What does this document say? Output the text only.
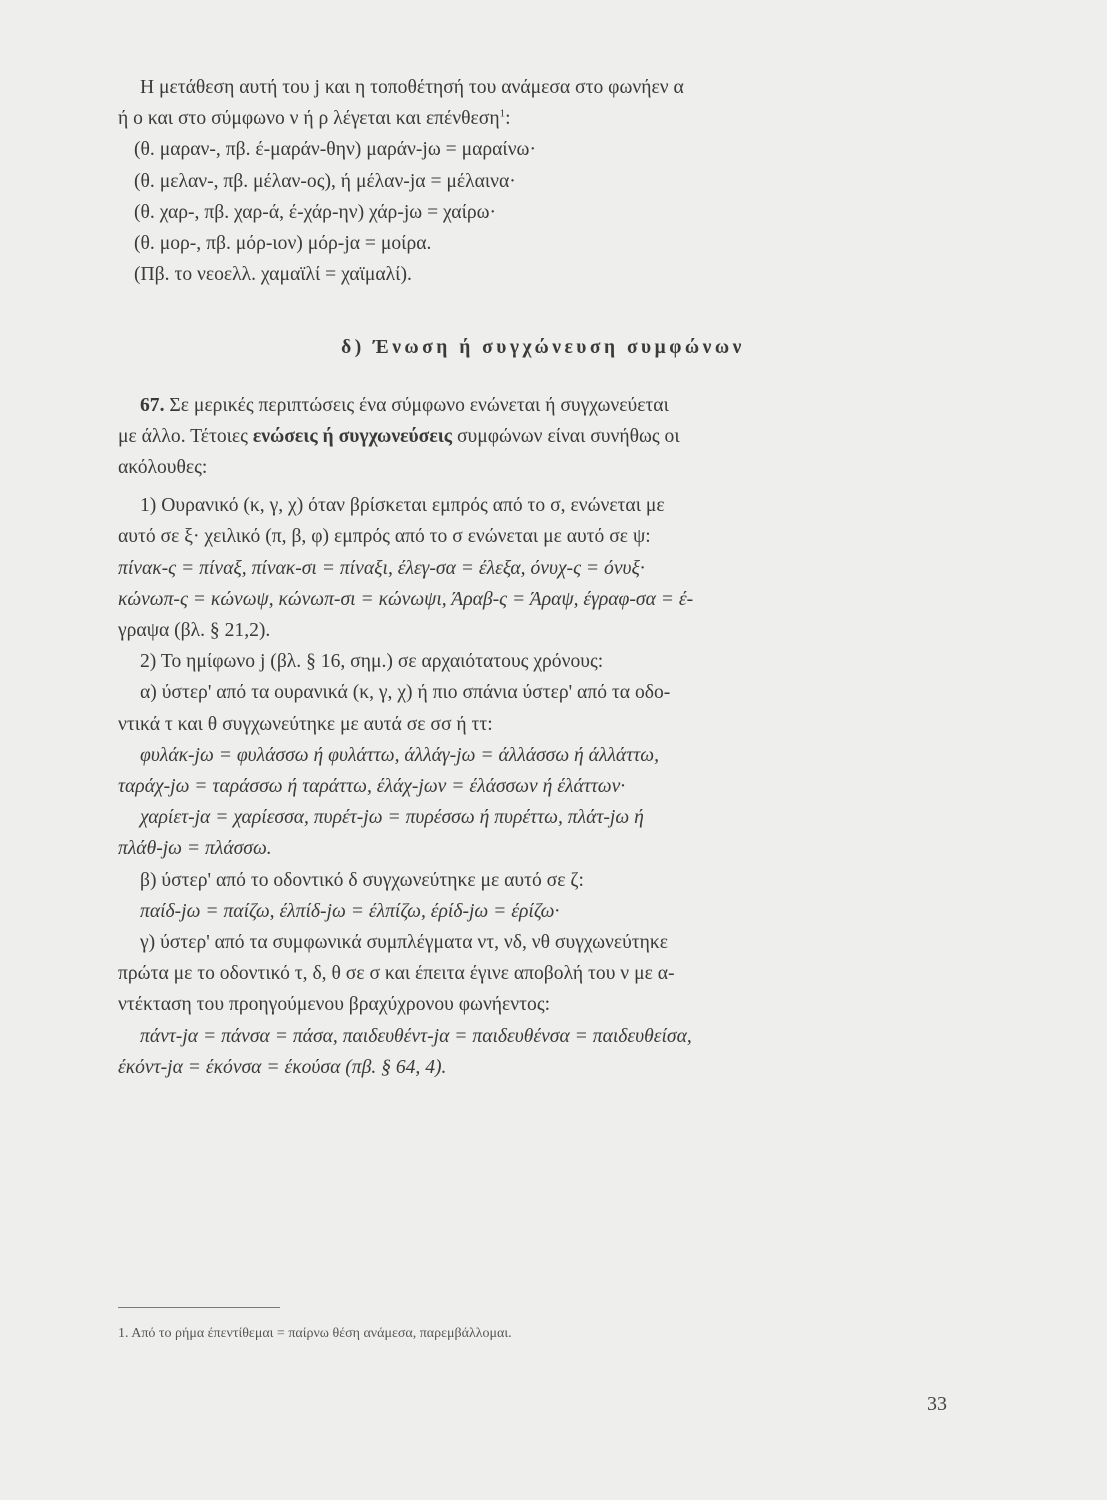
Η μετάθεση αυτή του j και η τοποθέτησή του ανάμεσα στο φωνήεν α
ή ο και στο σύμφωνο ν ή ρ λέγεται και επένθεση$^1$:
(θ. μαραν-, πβ. έ-μαράν-θην) μαράν-jω = μαραίνω·
(θ. μελαν-, πβ. μέλαν-ος), ή μέλαν-jα = μέλαινα·
(θ. χαρ-, πβ. χαρ-ά, έ-χάρ-ην) χάρ-jω = χαίρω·
(θ. μορ-, πβ. μόρ-ιον) μόρ-jα = μοίρα.
(Πβ. το νεοελλ. χαμαϊλί = χαϊμαλί).
δ) Ένωση ή συγχώνευση συμφώνων
67. Σε μερικές περιπτώσεις ένα σύμφωνο ενώνεται ή συγχωνεύεται
με άλλο. Τέτοιες ενώσεις ή συγχωνεύσεις συμφώνων είναι συνήθως οι
ακόλουθες:
1) Ουρανικό (κ, γ, χ) όταν βρίσκεται εμπρός από το σ, ενώνεται με
αυτό σε ξ· χειλικό (π, β, φ) εμπρός από το σ ενώνεται με αυτό σε ψ:
πίνακ-ς = πίναξ, πίνακ-σι = πίναξι, έλεγ-σα = έλεξα, όνυχ-ς = όνυξ·
κώνωπ-ς = κώνωψ, κώνωπ-σι = κώνωψι, Άραβ-ς = Άραψ, έγραφ-σα = έ-
γραψα (βλ. § 21,2).
2) Το ημίφωνο j (βλ. § 16, σημ.) σε αρχαιότατους χρόνους:
α) ύστερ' από τα ουρανικά (κ, γ, χ) ή πιο σπάνια ύστερ' από τα οδο-
ντικά τ και θ συγχωνεύτηκε με αυτά σε σσ ή ττ:
φυλάκ-jω = φυλάσσω ή φυλάττω, άλλάγ-jω = άλλάσσω ή άλλάττω,
ταράχ-jω = ταράσσω ή ταράττω, έλάχ-jων = έλάσσων ή έλάττων·
χαρίετ-jα = χαρίεσσα, πυρέτ-jω = πυρέσσω ή πυρέττω, πλάτ-jω ή
πλάθ-jω = πλάσσω.
β) ύστερ' από το οδοντικό δ συγχωνεύτηκε με αυτό σε ζ:
παίδ-jω = παίζω, έλπίδ-jω = έλπίζω, έρίδ-jω = έρίζω·
γ) ύστερ' από τα συμφωνικά συμπλέγματα ντ, νδ, νθ συγχωνεύτηκε
πρώτα με το οδοντικό τ, δ, θ σε σ και έπειτα έγινε αποβολή του ν με α-
ντέκταση του προηγούμενου βραχύχρονου φωνήεντος:
πάντ-jα = πάνσα = πάσα, παιδευθέντ-jα = παιδευθένσα = παιδευθείσα,
έκόντ-jα = έκόνσα = έκούσα (πβ. § 64, 4).
1. Από το ρήμα έπεντίθεμαι = παίρνω θέση ανάμεσα, παρεμβάλλομαι.
33
